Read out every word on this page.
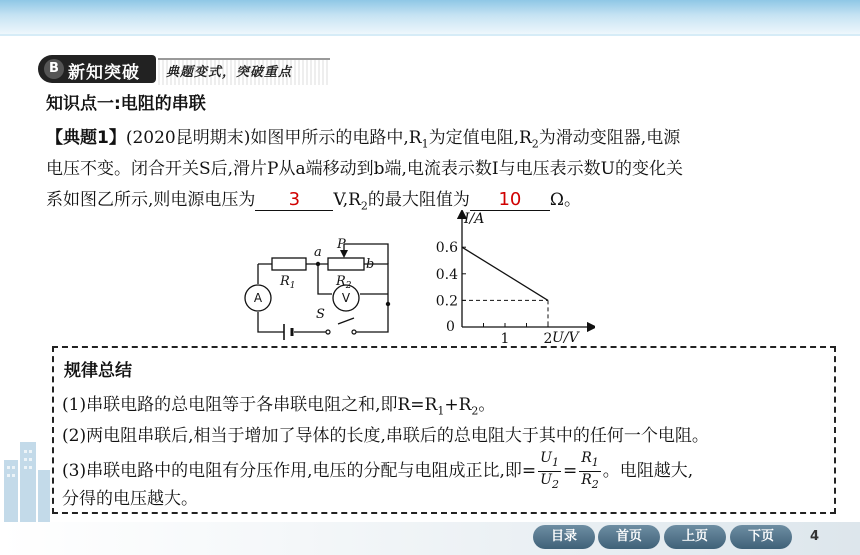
B 新知突破 典题变式，突破重点
知识点一:电阻的串联
【典题1】(2020昆明期末)如图甲所示的电路中$,R_1$为定值电阻$,R_2$为滑动变阻器,电源
电压不变。闭合开关S后,滑片P从a端移动到b端,电流表示数I与电压表示数U的变化关
系如图乙所示,则电源电压为 3 $V,R_2$的最大阻值为 10 Ω。
$R_1$	$R_2$
a
b
P
S
A	V
1 2
0.6
0.4
0.2
I/A
U/V
0
规律总结
(1)串联电路的总电阻等于各串联电阻之和,即$R=R_1+R_2$。
(2)两电阻串联后,相当于增加了导体的长度,串联后的总电阻大于其中的任何一个电阻。
(3)串联电路中的电阻有分压作用,电压的分配与电阻成正比,即= $\frac{U_1}{U_2} = \frac{R_1}{R_2}$ 。电阻越大,
分得的电压越大。
目录	首页	上页	下页	4
